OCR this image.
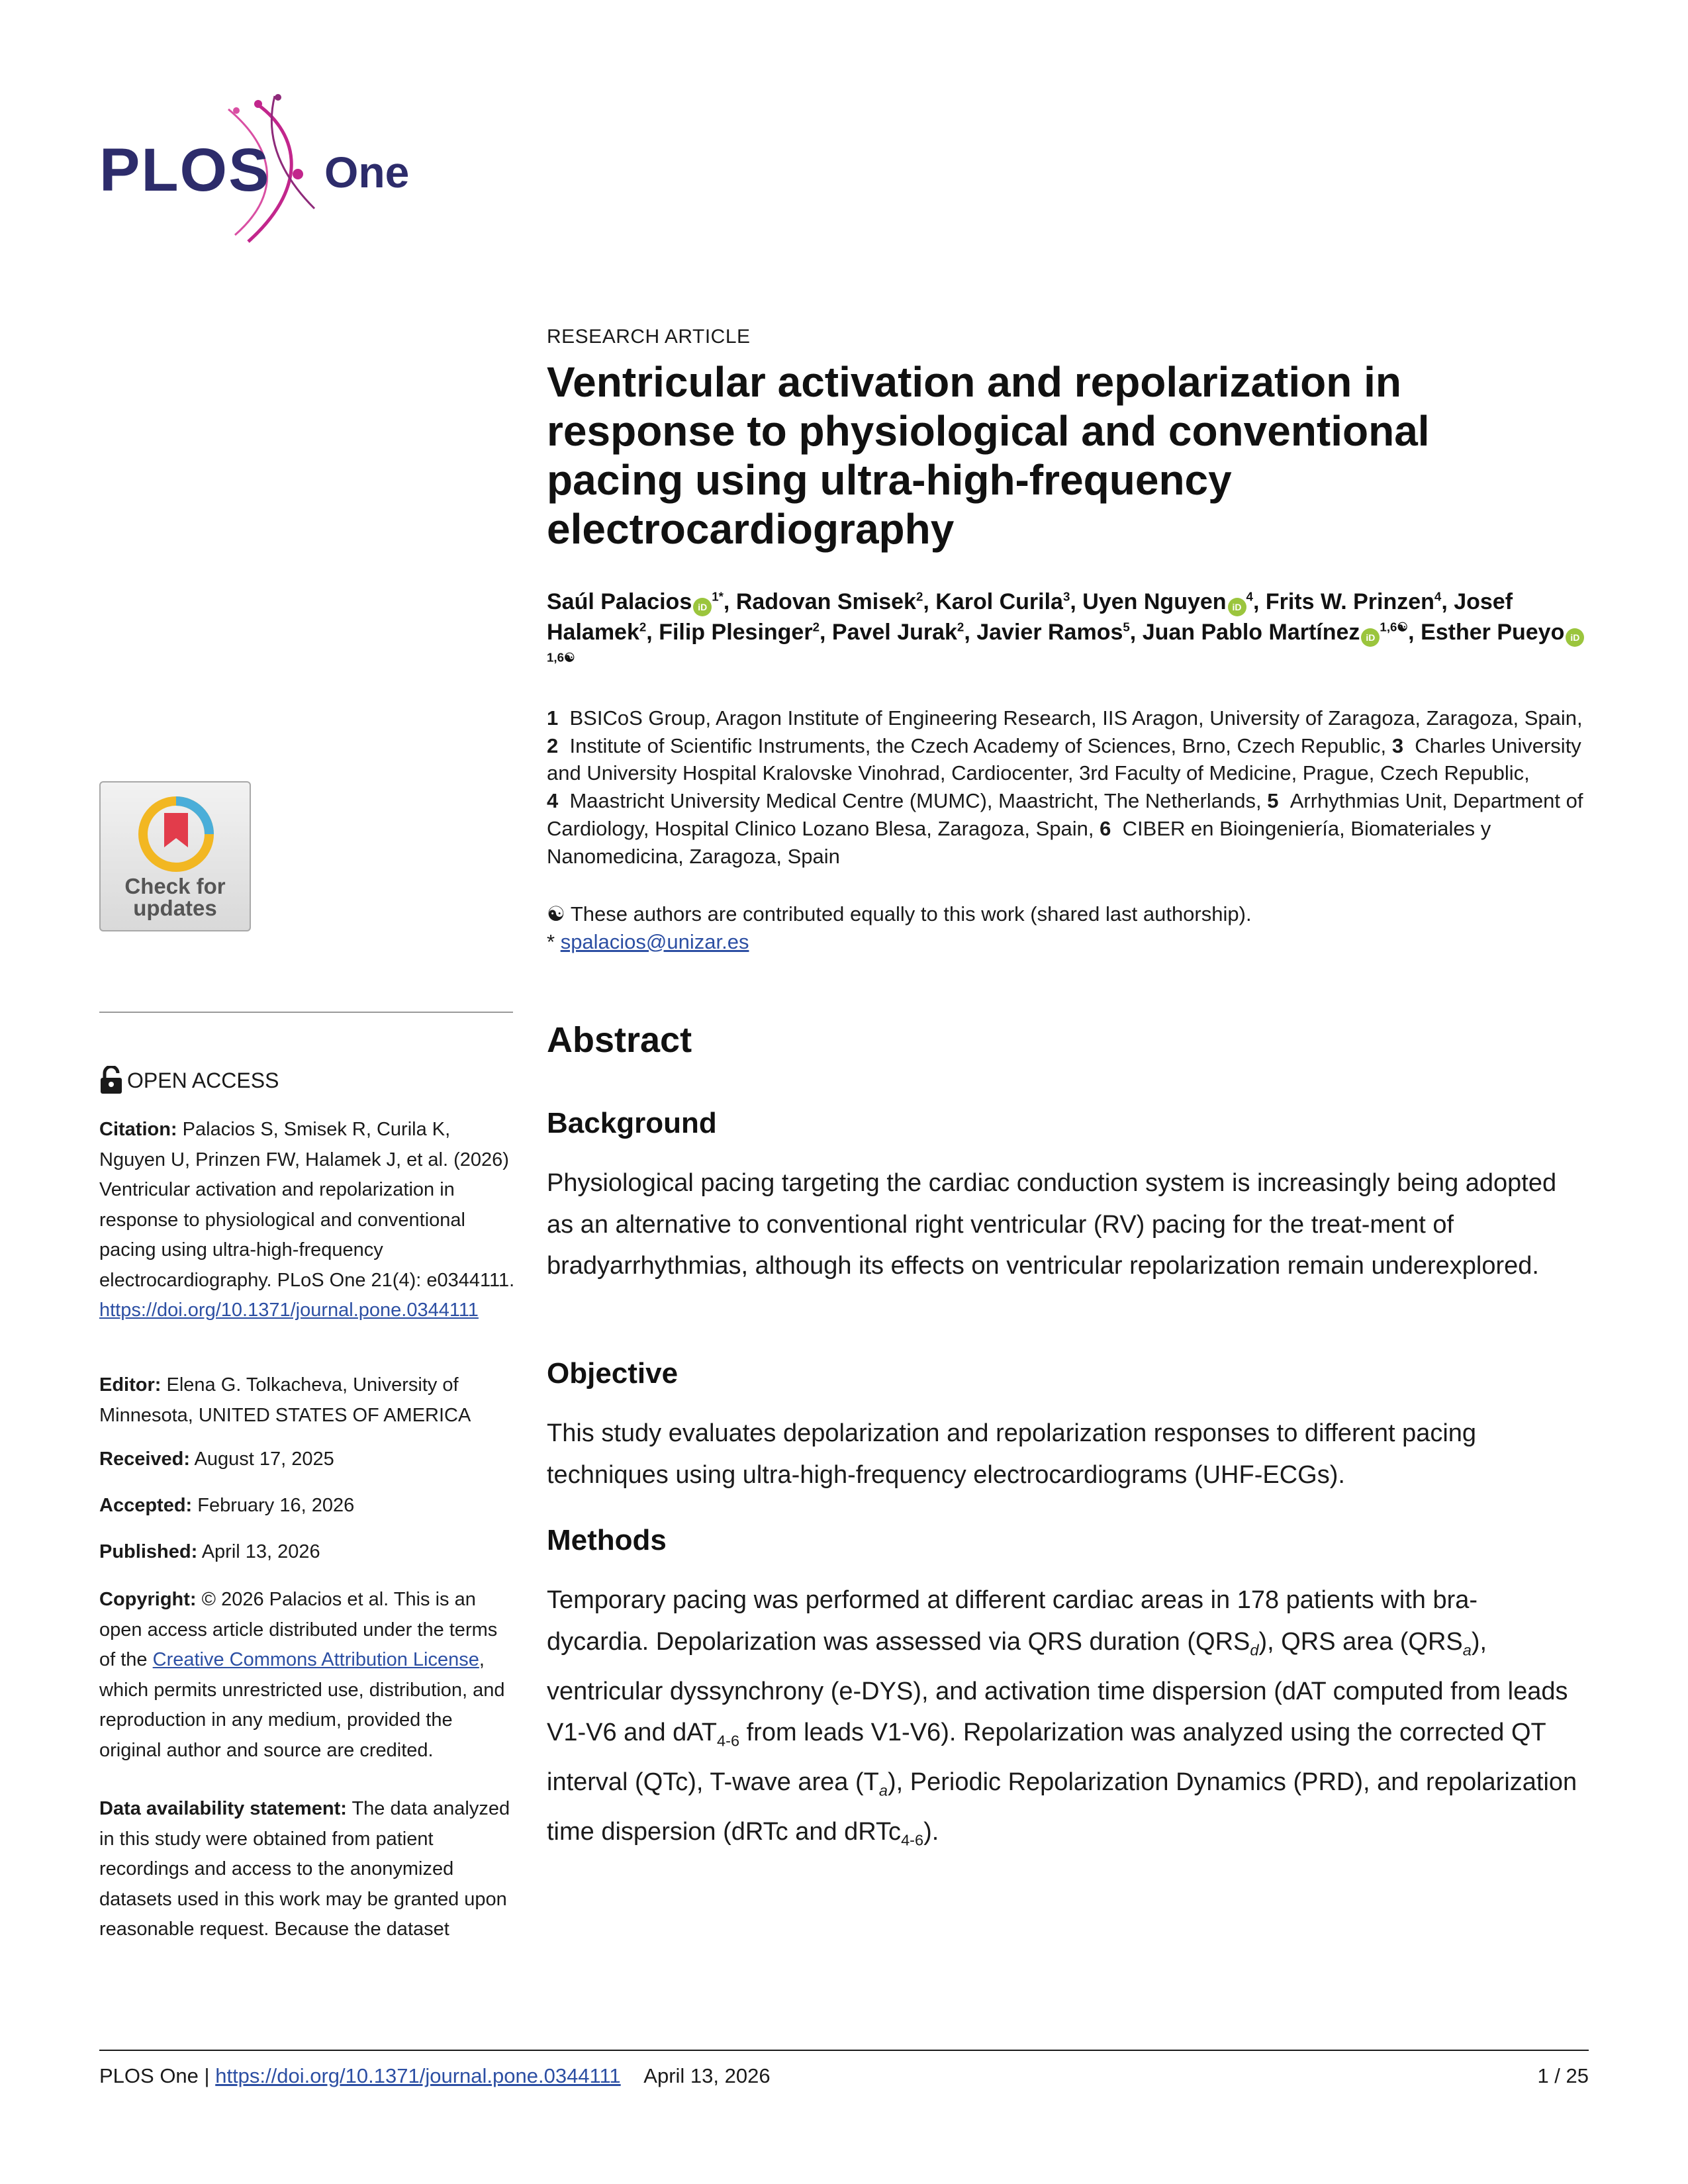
PLOS One
Check for
updates
OPEN ACCESS
Citation: Palacios S, Smisek R, Curila K, Nguyen U, Prinzen FW, Halamek J, et al. (2026) Ventricular activation and repolarization in response to physiological and conventional pacing using ultra-high-frequency electrocardiography. PLoS One 21(4): e0344111. https://doi.org/10.1371/journal.pone.0344111
Editor: Elena G. Tolkacheva, University of Minnesota, UNITED STATES OF AMERICA
Received: August 17, 2025
Accepted: February 16, 2026
Published: April 13, 2026
Copyright: © 2026 Palacios et al. This is an open access article distributed under the terms of the Creative Commons Attribution License, which permits unrestricted use, distribution, and reproduction in any medium, provided the original author and source are credited.
Data availability statement: The data analyzed in this study were obtained from patient recordings and access to the anonymized datasets used in this work may be granted upon reasonable request. Because the dataset
RESEARCH ARTICLE
Ventricular activation and repolarization in response to physiological and conventional pacing using ultra-high-frequency electrocardiography
Saúl Palacios $iD^{1*}$, Radovan Smisek$^2$, Karol Curila$^3$, Uyen Nguyen $iD^4$, Frits W. Prinzen$^4$, Josef Halamek$^2$, Filip Plesinger$^2$, Pavel Jurak$^2$, Javier Ramos$^5$, Juan Pablo Martínez $iD^{1,6☯}$, Esther Pueyo $iD^{1,6☯}$
1 BSICoS Group, Aragon Institute of Engineering Research, IIS Aragon, University of Zaragoza, Zaragoza, Spain, 2 Institute of Scientific Instruments, the Czech Academy of Sciences, Brno, Czech Republic, 3 Charles University and University Hospital Kralovske Vinohrad, Cardiocenter, 3rd Faculty of Medicine, Prague, Czech Republic, 4 Maastricht University Medical Centre (MUMC), Maastricht, The Netherlands, 5 Arrhythmias Unit, Department of Cardiology, Hospital Clinico Lozano Blesa, Zaragoza, Spain, 6 CIBER en Bioingeniería, Biomateriales y Nanomedicina, Zaragoza, Spain
☯ These authors are contributed equally to this work (shared last authorship).
* spalacios@unizar.es
Abstract
Background
Physiological pacing targeting the cardiac conduction system is increasingly being adopted as an alternative to conventional right ventricular (RV) pacing for the treat-ment of bradyarrhythmias, although its effects on ventricular repolarization remain underexplored.
Objective
This study evaluates depolarization and repolarization responses to different pacing techniques using ultra-high-frequency electrocardiograms (UHF-ECGs).
Methods
Temporary pacing was performed at different cardiac areas in 178 patients with bra-dycardia. Depolarization was assessed via QRS duration $(QRS_d)$, QRS area $(QRS_a)$, ventricular dyssynchrony (e-DYS), and activation time dispersion (dAT computed from leads V1-V6 and dAT$_{4-6}$ from leads V1-V6). Repolarization was analyzed using the corrected QT interval (QTc), T-wave area $(T_a)$, Periodic Repolarization Dynamics (PRD), and repolarization time dispersion (dRTc and dRTc$_{4-6}$).
PLOS One | https://doi.org/10.1371/journal.pone.0344111 April 13, 2026	1 / 25
